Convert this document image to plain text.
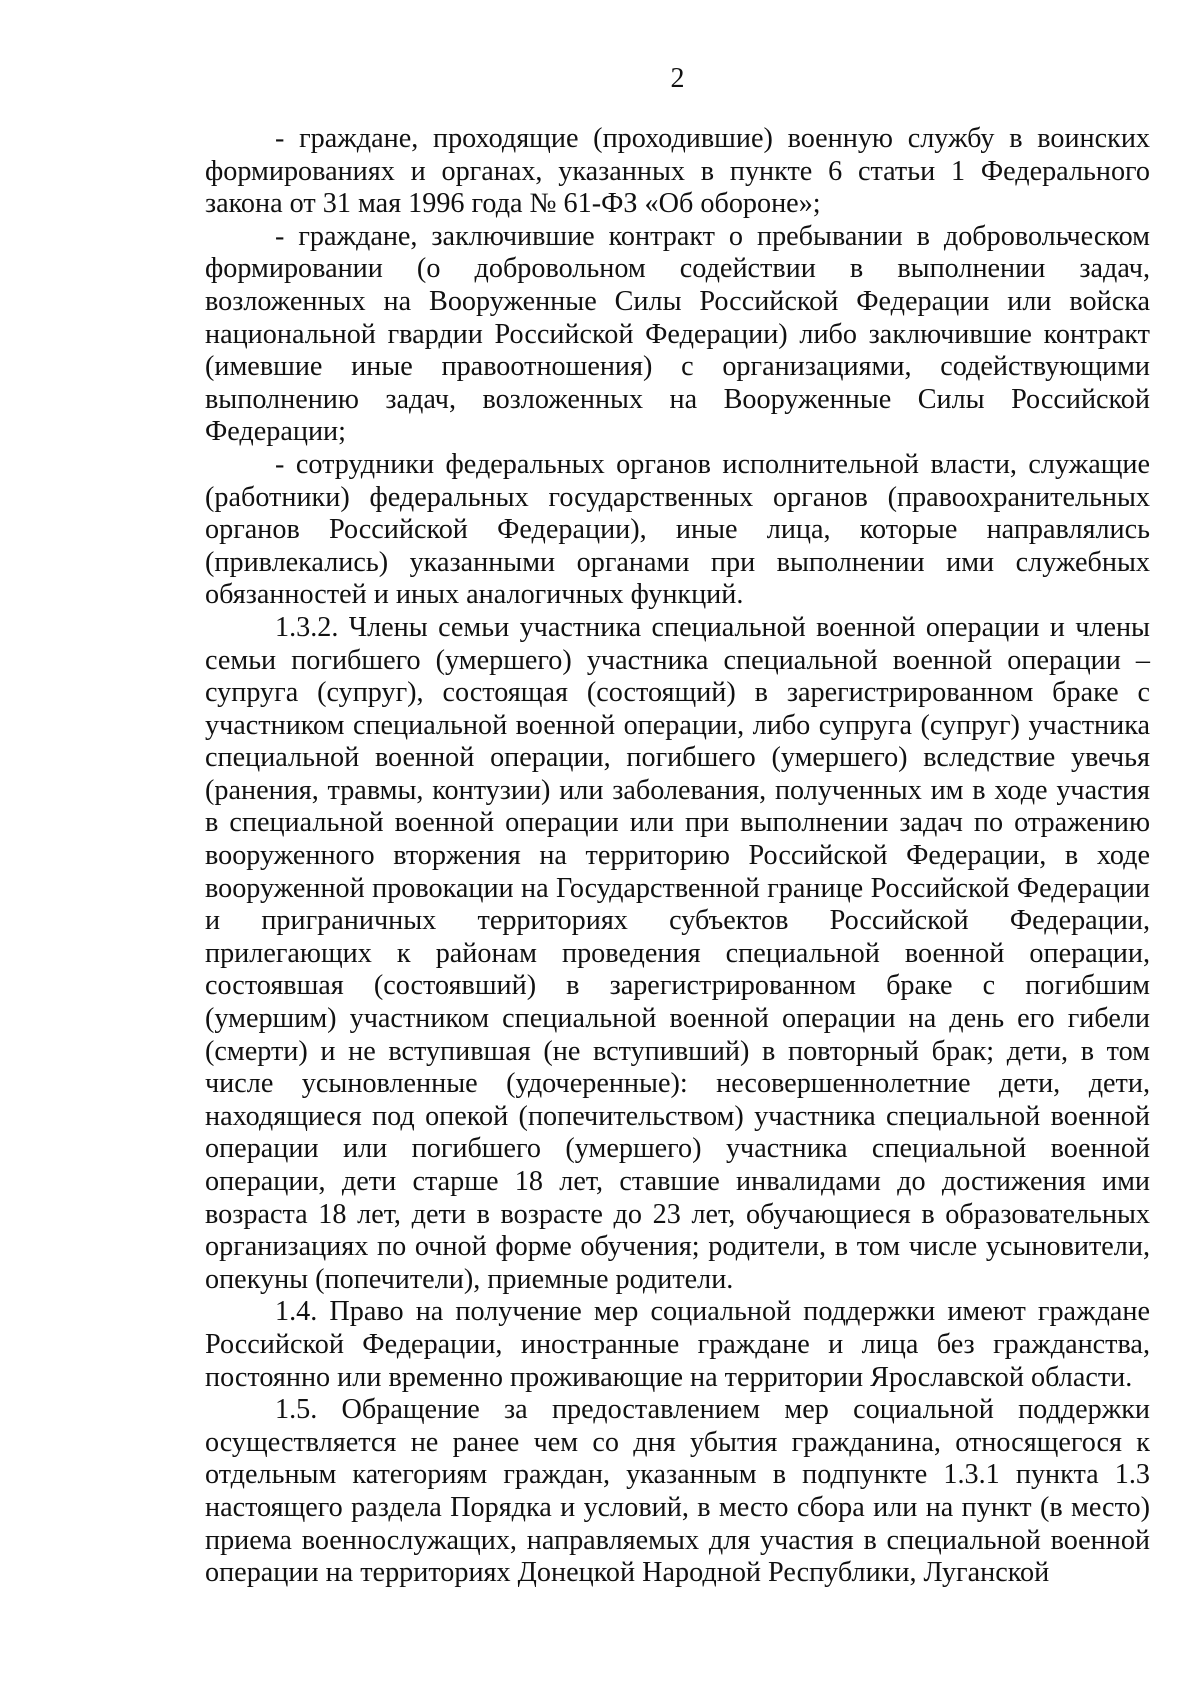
2

- граждане, проходящие (проходившие) военную службу в воинских формированиях и органах, указанных в пункте 6 статьи 1 Федерального закона от 31 мая 1996 года № 61-ФЗ «Об обороне»;

- граждане, заключившие контракт о пребывании в добровольческом формировании (о добровольном содействии в выполнении задач, возложенных на Вооруженные Силы Российской Федерации или войска национальной гвардии Российской Федерации) либо заключившие контракт (имевшие иные правоотношения) с организациями, содействующими выполнению задач, возложенных на Вооруженные Силы Российской Федерации;

- сотрудники федеральных органов исполнительной власти, служащие (работники) федеральных государственных органов (правоохранительных органов Российской Федерации), иные лица, которые направлялись (привлекались) указанными органами при выполнении ими служебных обязанностей и иных аналогичных функций.

1.3.2. Члены семьи участника специальной военной операции и члены семьи погибшего (умершего) участника специальной военной операции – супруга (супруг), состоящая (состоящий) в зарегистрированном браке с участником специальной военной операции, либо супруга (супруг) участника специальной военной операции, погибшего (умершего) вследствие увечья (ранения, травмы, контузии) или заболевания, полученных им в ходе участия в специальной военной операции или при выполнении задач по отражению вооруженного вторжения на территорию Российской Федерации, в ходе вооруженной провокации на Государственной границе Российской Федерации и приграничных территориях субъектов Российской Федерации, прилегающих к районам проведения специальной военной операции, состоявшая (состоявший) в зарегистрированном браке с погибшим (умершим) участником специальной военной операции на день его гибели (смерти) и не вступившая (не вступивший) в повторный брак; дети, в том числе усыновленные (удочеренные): несовершеннолетние дети, дети, находящиеся под опекой (попечительством) участника специальной военной операции или погибшего (умершего) участника специальной военной операции, дети старше 18 лет, ставшие инвалидами до достижения ими возраста 18 лет, дети в возрасте до 23 лет, обучающиеся в образовательных организациях по очной форме обучения; родители, в том числе усыновители, опекуны (попечители), приемные родители.

1.4. Право на получение мер социальной поддержки имеют граждане Российской Федерации, иностранные граждане и лица без гражданства, постоянно или временно проживающие на территории Ярославской области.

1.5. Обращение за предоставлением мер социальной поддержки осуществляется не ранее чем со дня убытия гражданина, относящегося к отдельным категориям граждан, указанным в подпункте 1.3.1 пункта 1.3 настоящего раздела Порядка и условий, в место сбора или на пункт (в место) приема военнослужащих, направляемых для участия в специальной военной операции на территориях Донецкой Народной Республики, Луганской
